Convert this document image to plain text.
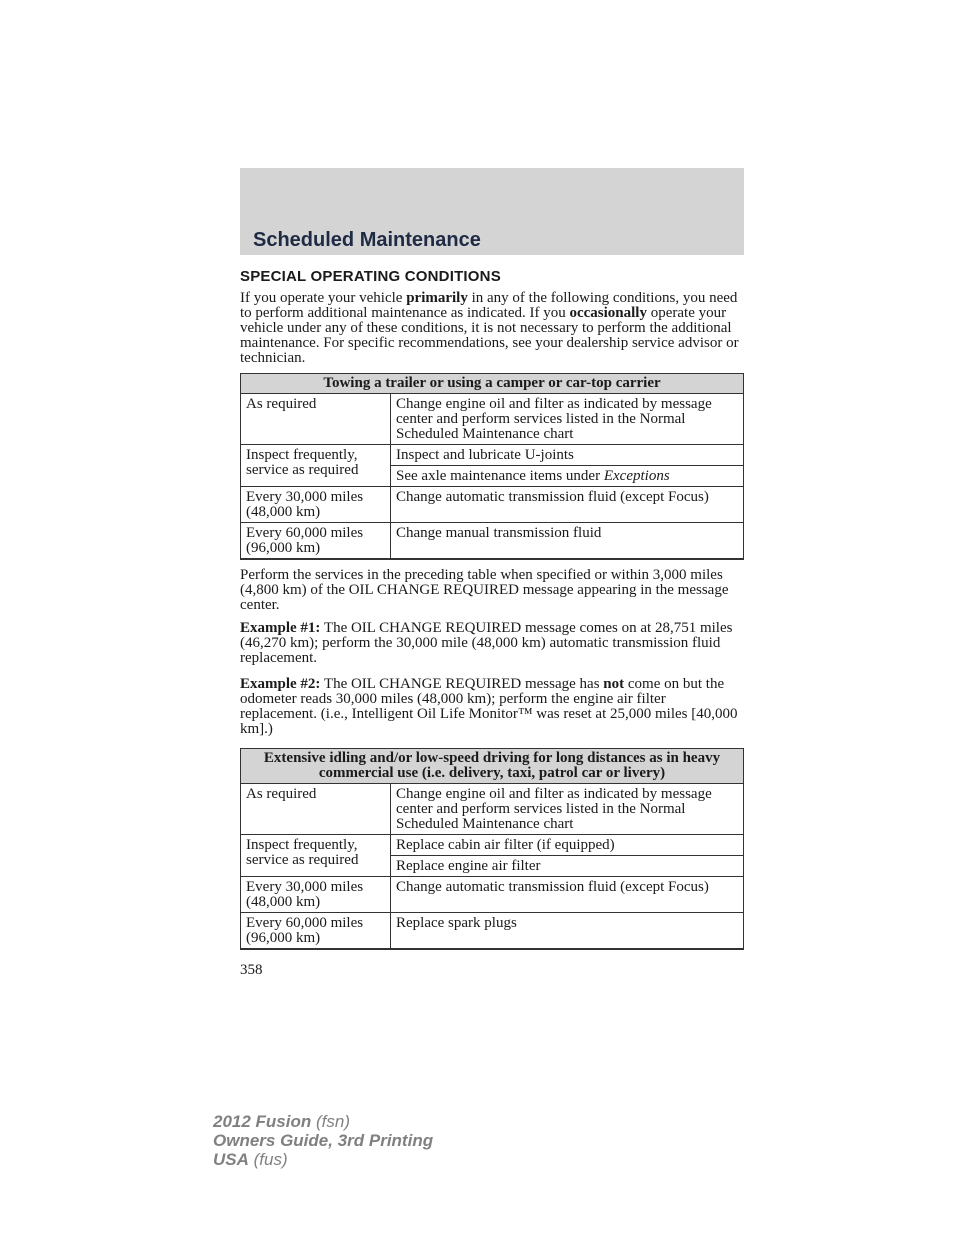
Scheduled Maintenance
SPECIAL OPERATING CONDITIONS
If you operate your vehicle primarily in any of the following conditions, you need to perform additional maintenance as indicated. If you occasionally operate your vehicle under any of these conditions, it is not necessary to perform the additional maintenance. For specific recommendations, see your dealership service advisor or technician.
Towing a trailer or using a camper or car-top carrier	
As required	Change engine oil and filter as indicated by message center and perform services listed in the Normal Scheduled Maintenance chart
Inspect frequently, service as required	Inspect and lubricate U-joints
	See axle maintenance items under Exceptions
Every 30,000 miles (48,000 km)	Change automatic transmission fluid (except Focus)
Every 60,000 miles (96,000 km)	Change manual transmission fluid
Perform the services in the preceding table when specified or within 3,000 miles (4,800 km) of the OIL CHANGE REQUIRED message appearing in the message center.
Example #1: The OIL CHANGE REQUIRED message comes on at 28,751 miles (46,270 km); perform the 30,000 mile (48,000 km) automatic transmission fluid replacement.
Example #2: The OIL CHANGE REQUIRED message has not come on but the odometer reads 30,000 miles (48,000 km); perform the engine air filter replacement. (i.e., Intelligent Oil Life Monitor™ was reset at 25,000 miles [40,000 km].)
Extensive idling and/or low-speed driving for long distances as in heavy commercial use (i.e. delivery, taxi, patrol car or livery)	
As required	Change engine oil and filter as indicated by message center and perform services listed in the Normal Scheduled Maintenance chart
Inspect frequently, service as required	Replace cabin air filter (if equipped)
	Replace engine air filter
Every 30,000 miles (48,000 km)	Change automatic transmission fluid (except Focus)
Every 60,000 miles (96,000 km)	Replace spark plugs
358
2012 Fusion (fsn)
Owners Guide, 3rd Printing
USA (fus)
